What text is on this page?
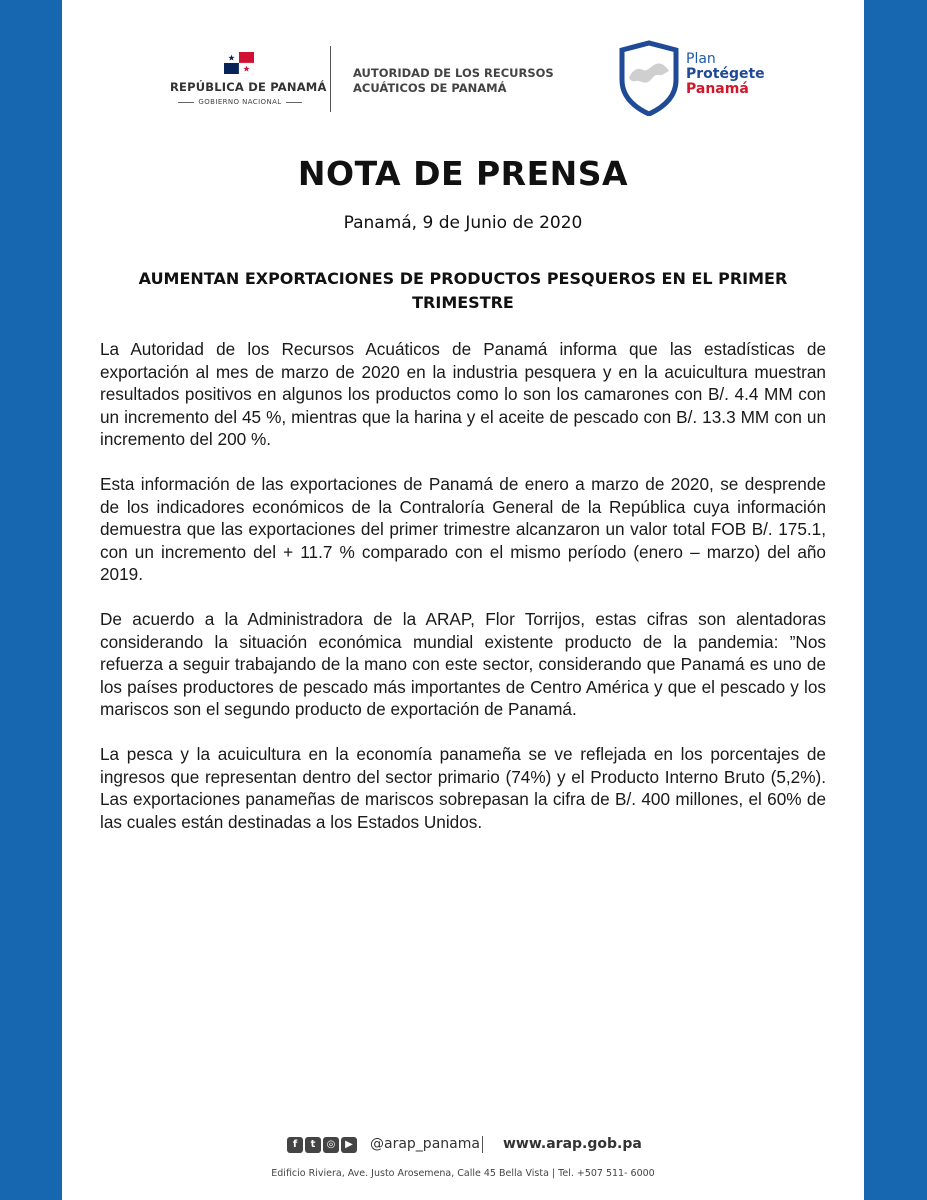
REPÚBLICA DE PANAMÁ
GOBIERNO NACIONAL
AUTORIDAD DE LOS RECURSOS
ACUÁTICOS DE PANAMÁ
Plan
Protégete
Panamá
NOTA DE PRENSA
Panamá, 9 de Junio de 2020
AUMENTAN EXPORTACIONES DE PRODUCTOS PESQUEROS EN EL PRIMER TRIMESTRE

La Autoridad de los Recursos Acuáticos de Panamá informa que las estadísticas de exportación al mes de marzo de 2020 en la industria pesquera y en la acuicultura muestran resultados positivos en algunos los productos como lo son los camarones con B/. 4.4 MM con un incremento del 45 %, mientras que la harina y el aceite de pescado con B/. 13.3 MM con un incremento del 200 %.

Esta información de las exportaciones de Panamá de enero a marzo de 2020, se desprende de los indicadores económicos de la Contraloría General de la República cuya información demuestra que las exportaciones del primer trimestre alcanzaron un valor total FOB B/. 175.1, con un incremento del + 11.7 % comparado con el mismo período (enero – marzo) del año 2019.

De acuerdo a la Administradora de la ARAP, Flor Torrijos, estas cifras son alentadoras considerando la situación económica mundial existente producto de la pandemia: ”Nos refuerza a seguir trabajando de la mano con este sector, considerando que Panamá es uno de los países productores de pescado más importantes de Centro América y que el pescado y los mariscos son el segundo producto de exportación de Panamá.

La pesca y la acuicultura en la economía panameña se ve reflejada en los porcentajes de ingresos que representan dentro del sector primario (74%) y el Producto Interno Bruto (5,2%). Las exportaciones panameñas de mariscos sobrepasan la cifra de B/. 400 millones, el 60% de las cuales están destinadas a los Estados Unidos.

f	t	◎ ▶ @arap_panama www.arap.gob.pa
Edificio Riviera, Ave. Justo Arosemena, Calle 45 Bella Vista | Tel. +507 511- 6000
